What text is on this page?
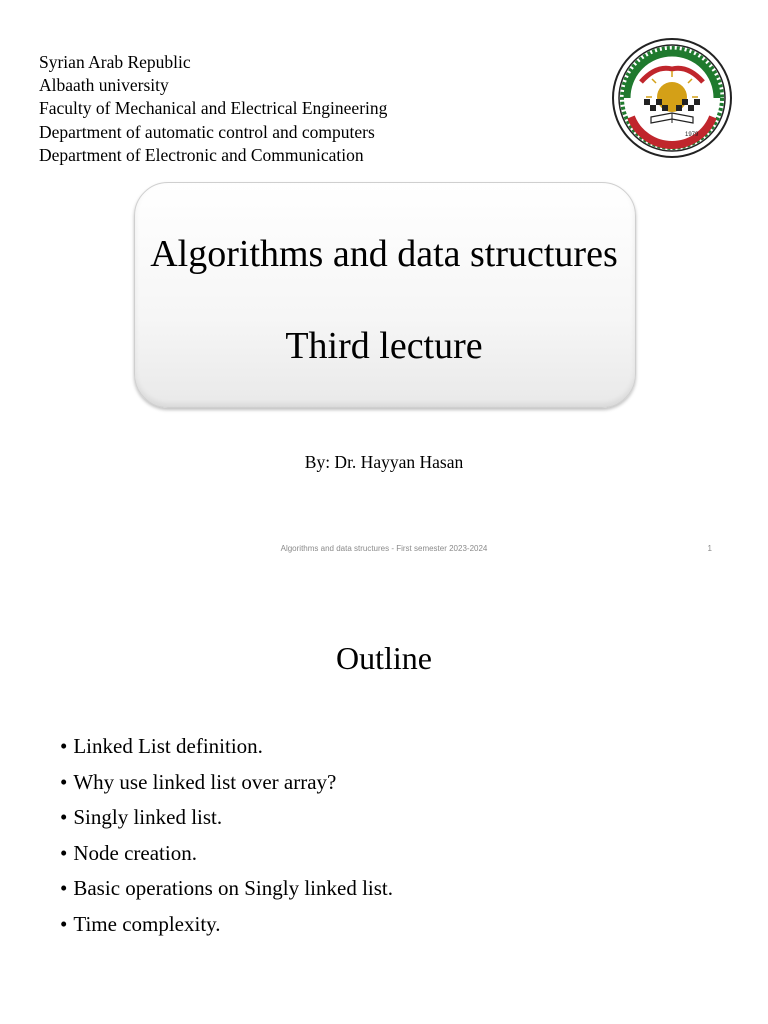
Syrian Arab Republic
Albaath university
Faculty of Mechanical and Electrical Engineering
Department of automatic control and computers
Department of Electronic and Communication
1979
Algorithms and data structures
Third lecture
By: Dr. Hayyan Hasan
Algorithms and data structures - First semester 2023-2024	1
Outline
• Linked List definition.
• Why use linked list over array?
• Singly linked list.
• Node creation.
• Basic operations on Singly linked list.
• Time complexity.
